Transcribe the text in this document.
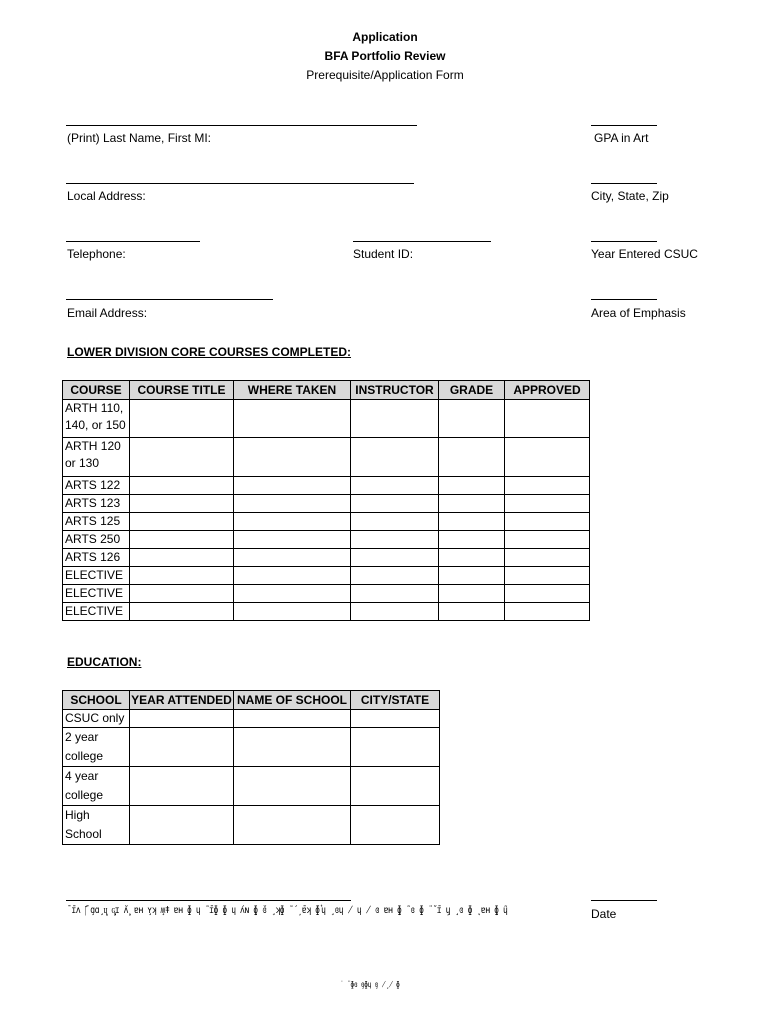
Application
BFA Portfolio Review
Prerequisite/Application Form
(Print) Last Name, First MI:	GPA in Art
Local Address:	City, State, Zip
Telephone:	Student ID:	Year Entered CSUC
Email Address:	Area of Emphasis
LOWER DIVISION CORE COURSES COMPLETED:
COURSE	COURSE TITLE	WHERE TAKEN	INSTRUCTOR	GRADE	APPROVED
ARTH 110, 140, or 150					
ARTH 120 or 130					
ARTS 122					
ARTS 123					
ARTS 125					
ARTS 250					
ARTS 126					
ELECTIVE					
ELECTIVE					
ELECTIVE					
EDUCATION:
SCHOOL	YEAR ATTENDED	NAME OF SCHOOL	CITY/STATE
CSUC only			
2 year college			
4 year college			
High School			
ˉ̄ɪʌ ̄|͂ ̧ɑɑ̧ ɥͅ ɢ̧͓̹̗ɪ ̆ʌ ̧ͅ ɐʜ ̧ʏʞ ̧ʍǂ ɐʜ ɸ ɥ ̃ ̄ɪɸ ɸ ɥ ́ʌɴ ̧ɸ ̆ɞ ̧ ʞɸ ̃ ́ ̦ ̄ɐʞ ̄ɸ ͛ɥ ̧ ɞɥ ̸ ɥ ̸ ɞ ɐʜ ̧ɸ ̃ ɞ ɸ ̈ ̆ ̄ɪ ̦ɥ ̧ ɞ ɸ ̨ ɐʜ ̧ɸ ̃ɥ	Date
˙ ̈ ɸɞ ̧ɞɸɥ ̧ɞ ̸̧ ̸ ɸ
